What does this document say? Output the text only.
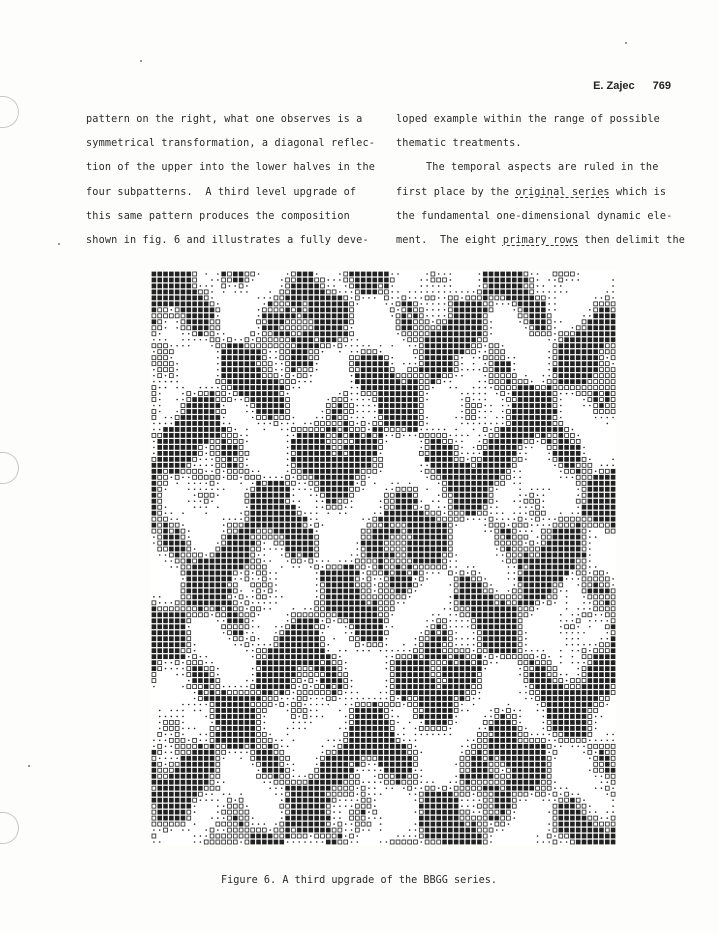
E. Zajec 769
pattern on the right, what one observes is a
symmetrical transformation, a diagonal reflec-
tion of the upper into the lower halves in the
four subpatterns.  A third level upgrade of
this same pattern produces the composition
shown in fig. 6 and illustrates a fully deve-
loped example within the range of possible
thematic treatments.
The temporal aspects are ruled in the
first place by the original series which is
the fundamental one-dimensional dynamic ele-
ment.  The eight primary rows then delimit the
Figure 6. A third upgrade of the BBGG series.
